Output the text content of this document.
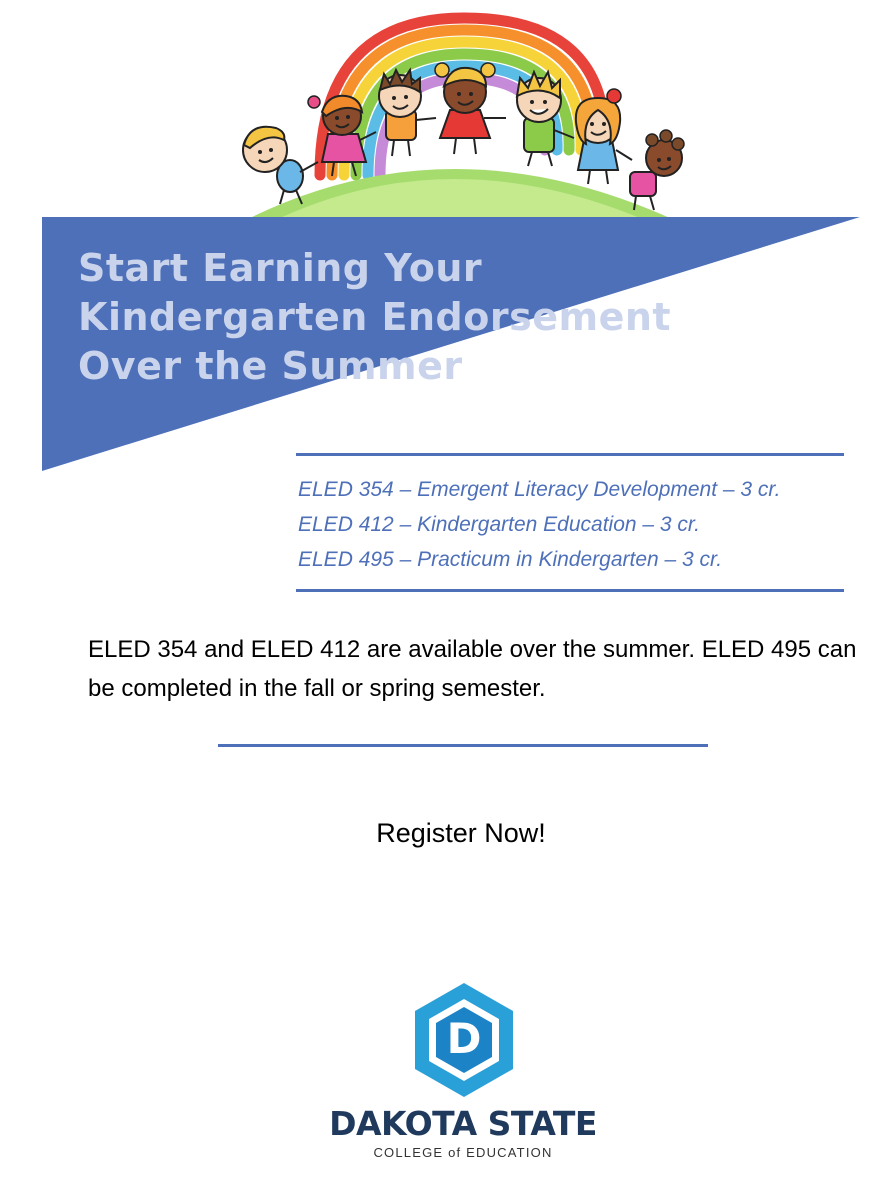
Start Earning Your
Kindergarten Endorsement
Over the Summer
ELED 354 – Emergent Literacy Development – 3 cr.
ELED 412 – Kindergarten Education – 3 cr.
ELED 495 – Practicum in Kindergarten – 3 cr.

ELED 354 and ELED 412 are available over the summer. ELED 495 can be completed in the fall or spring semester.

Register Now!
D
DAKOTA STATE
COLLEGE of EDUCATION
